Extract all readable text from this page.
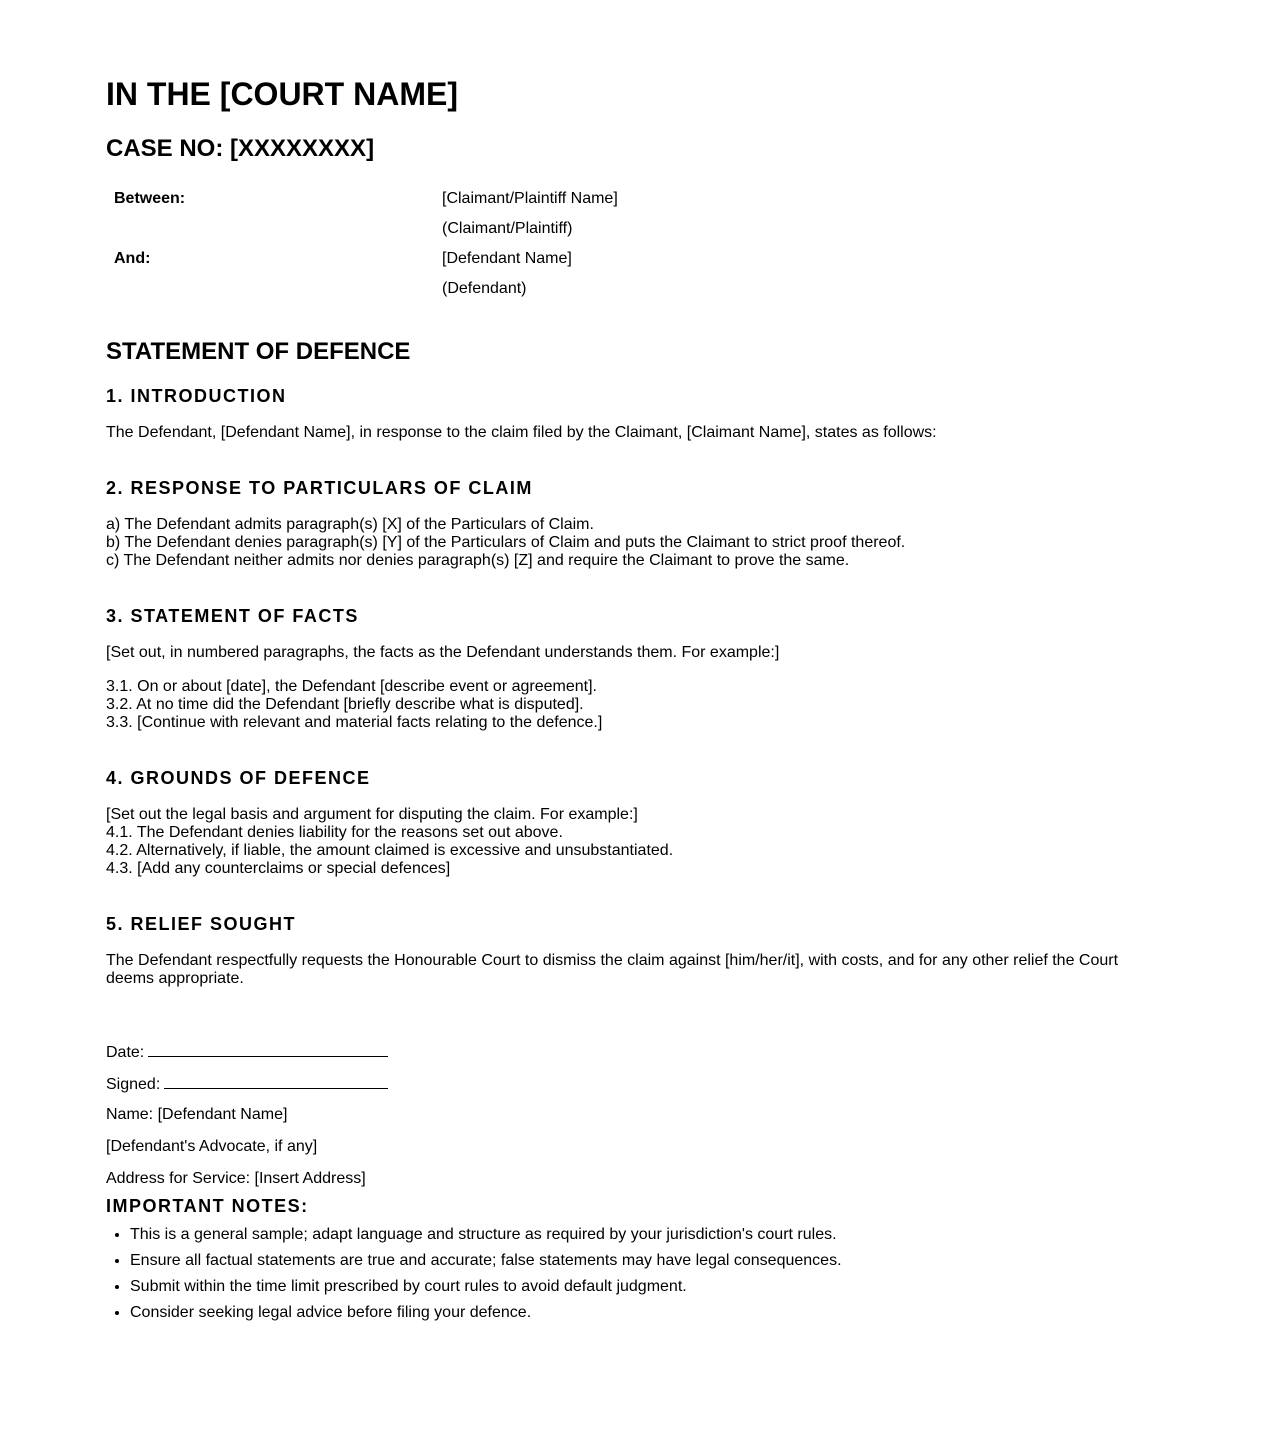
IN THE [COURT NAME]
CASE NO: [XXXXXXXX]
Between:	[Claimant/Plaintiff Name]
(Claimant/Plaintiff)
And:	[Defendant Name]
(Defendant)
STATEMENT OF DEFENCE
1. INTRODUCTION

The Defendant, [Defendant Name], in response to the claim filed by the Claimant, [Claimant Name], states as follows:

2. RESPONSE TO PARTICULARS OF CLAIM
a) The Defendant admits paragraph(s) [X] of the Particulars of Claim.
b) The Defendant denies paragraph(s) [Y] of the Particulars of Claim and puts the Claimant to strict proof thereof.
c) The Defendant neither admits nor denies paragraph(s) [Z] and require the Claimant to prove the same.
3. STATEMENT OF FACTS

[Set out, in numbered paragraphs, the facts as the Defendant understands them. For example:]

3.1. On or about [date], the Defendant [describe event or agreement].
3.2. At no time did the Defendant [briefly describe what is disputed].
3.3. [Continue with relevant and material facts relating to the defence.]
4. GROUNDS OF DEFENCE
[Set out the legal basis and argument for disputing the claim. For example:]
4.1. The Defendant denies liability for the reasons set out above.
4.2. Alternatively, if liable, the amount claimed is excessive and unsubstantiated.
4.3. [Add any counterclaims or special defences]
5. RELIEF SOUGHT

The Defendant respectfully requests the Honourable Court to dismiss the claim against [him/her/it], with costs, and for any other relief the Court deems appropriate.

Date:
Signed:
Name: [Defendant Name]
[Defendant's Advocate, if any]
Address for Service: [Insert Address]
IMPORTANT NOTES:
• This is a general sample; adapt language and structure as required by your jurisdiction's court rules.
• Ensure all factual statements are true and accurate; false statements may have legal consequences.
• Submit within the time limit prescribed by court rules to avoid default judgment.
• Consider seeking legal advice before filing your defence.
